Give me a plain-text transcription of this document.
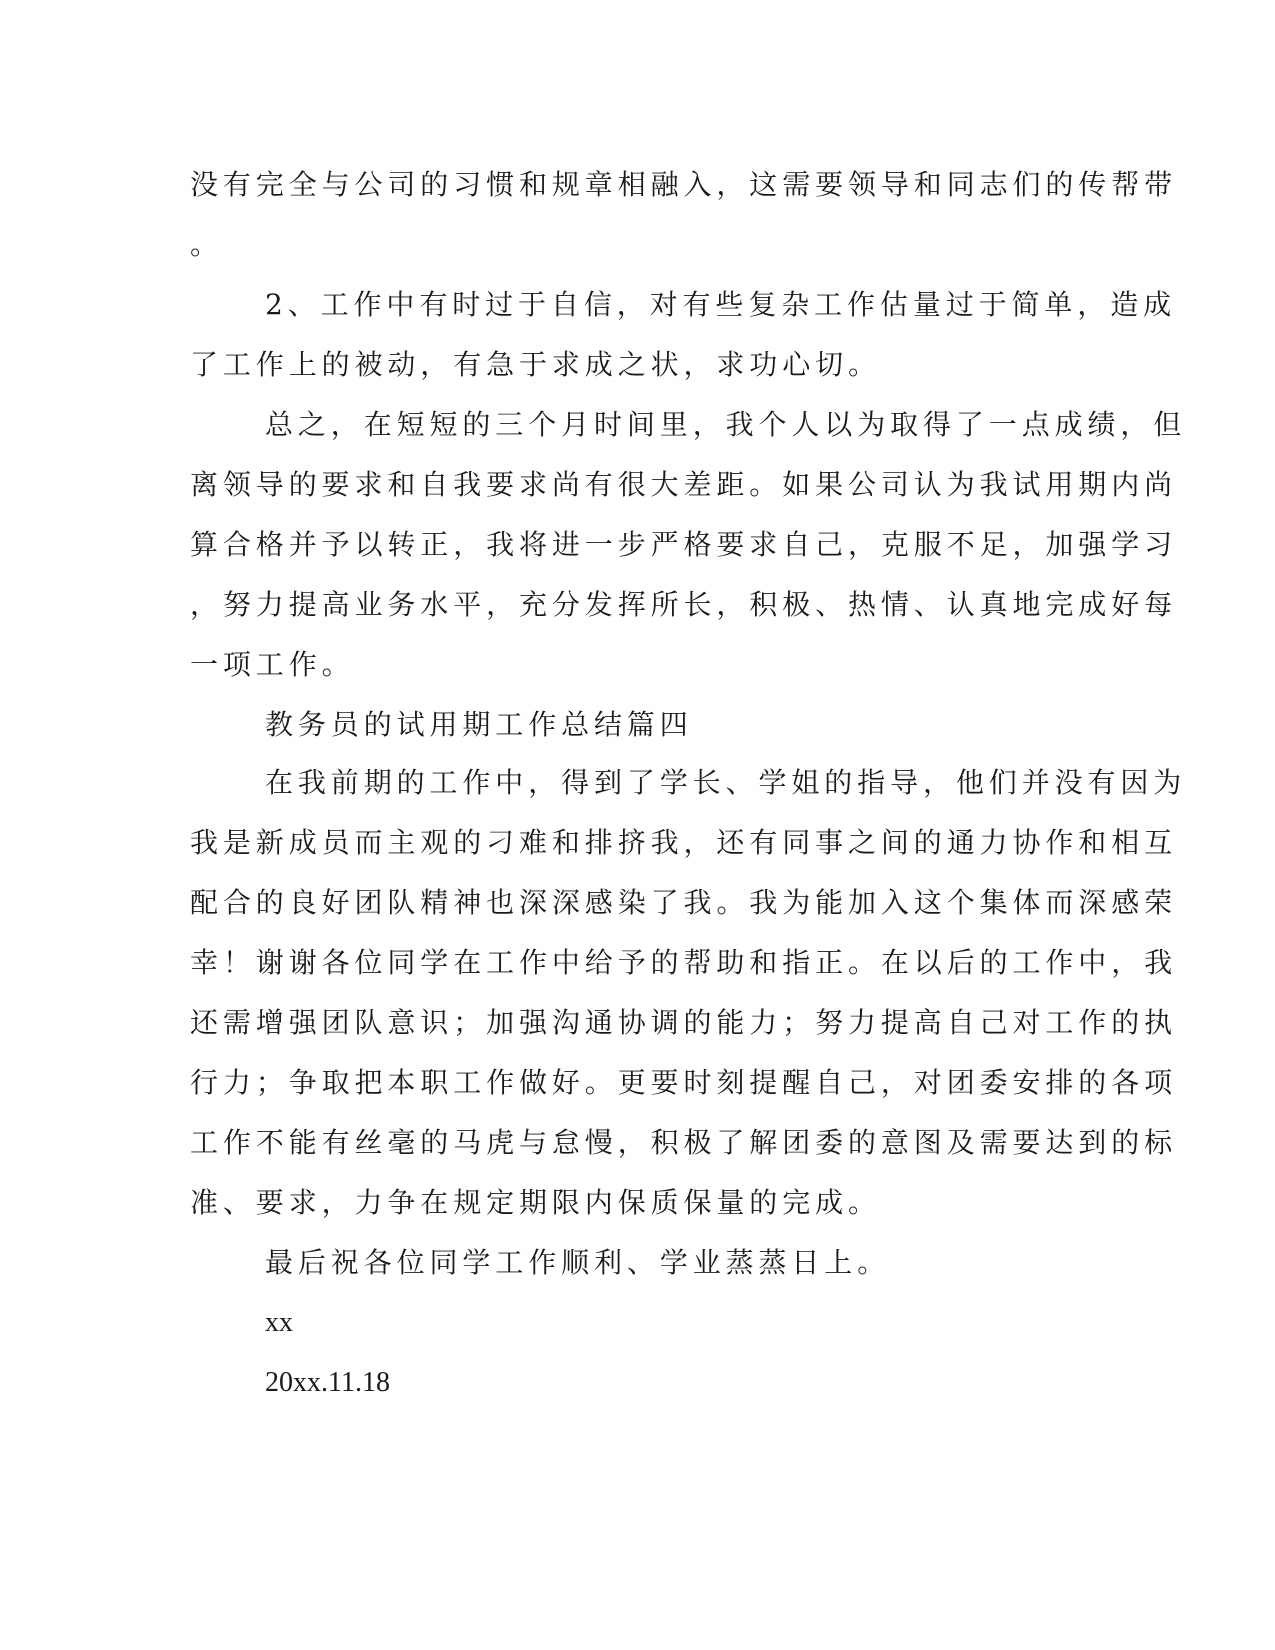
没有完全与公司的习惯和规章相融入，这需要领导和同志们的传帮带

。

2、工作中有时过于自信，对有些复杂工作估量过于简单，造成

了工作上的被动，有急于求成之状，求功心切。

总之，在短短的三个月时间里，我个人以为取得了一点成绩，但

离领导的要求和自我要求尚有很大差距。如果公司认为我试用期内尚

算合格并予以转正，我将进一步严格要求自己，克服不足，加强学习

，努力提高业务水平，充分发挥所长，积极、热情、认真地完成好每

一项工作。

教务员的试用期工作总结篇四

在我前期的工作中，得到了学长、学姐的指导，他们并没有因为

我是新成员而主观的刁难和排挤我，还有同事之间的通力协作和相互

配合的良好团队精神也深深感染了我。我为能加入这个集体而深感荣

幸！谢谢各位同学在工作中给予的帮助和指正。在以后的工作中，我

还需增强团队意识；加强沟通协调的能力；努力提高自己对工作的执

行力；争取把本职工作做好。更要时刻提醒自己，对团委安排的各项

工作不能有丝毫的马虎与怠慢，积极了解团委的意图及需要达到的标

准、要求，力争在规定期限内保质保量的完成。

最后祝各位同学工作顺利、学业蒸蒸日上。

xx

20xx.11.18
